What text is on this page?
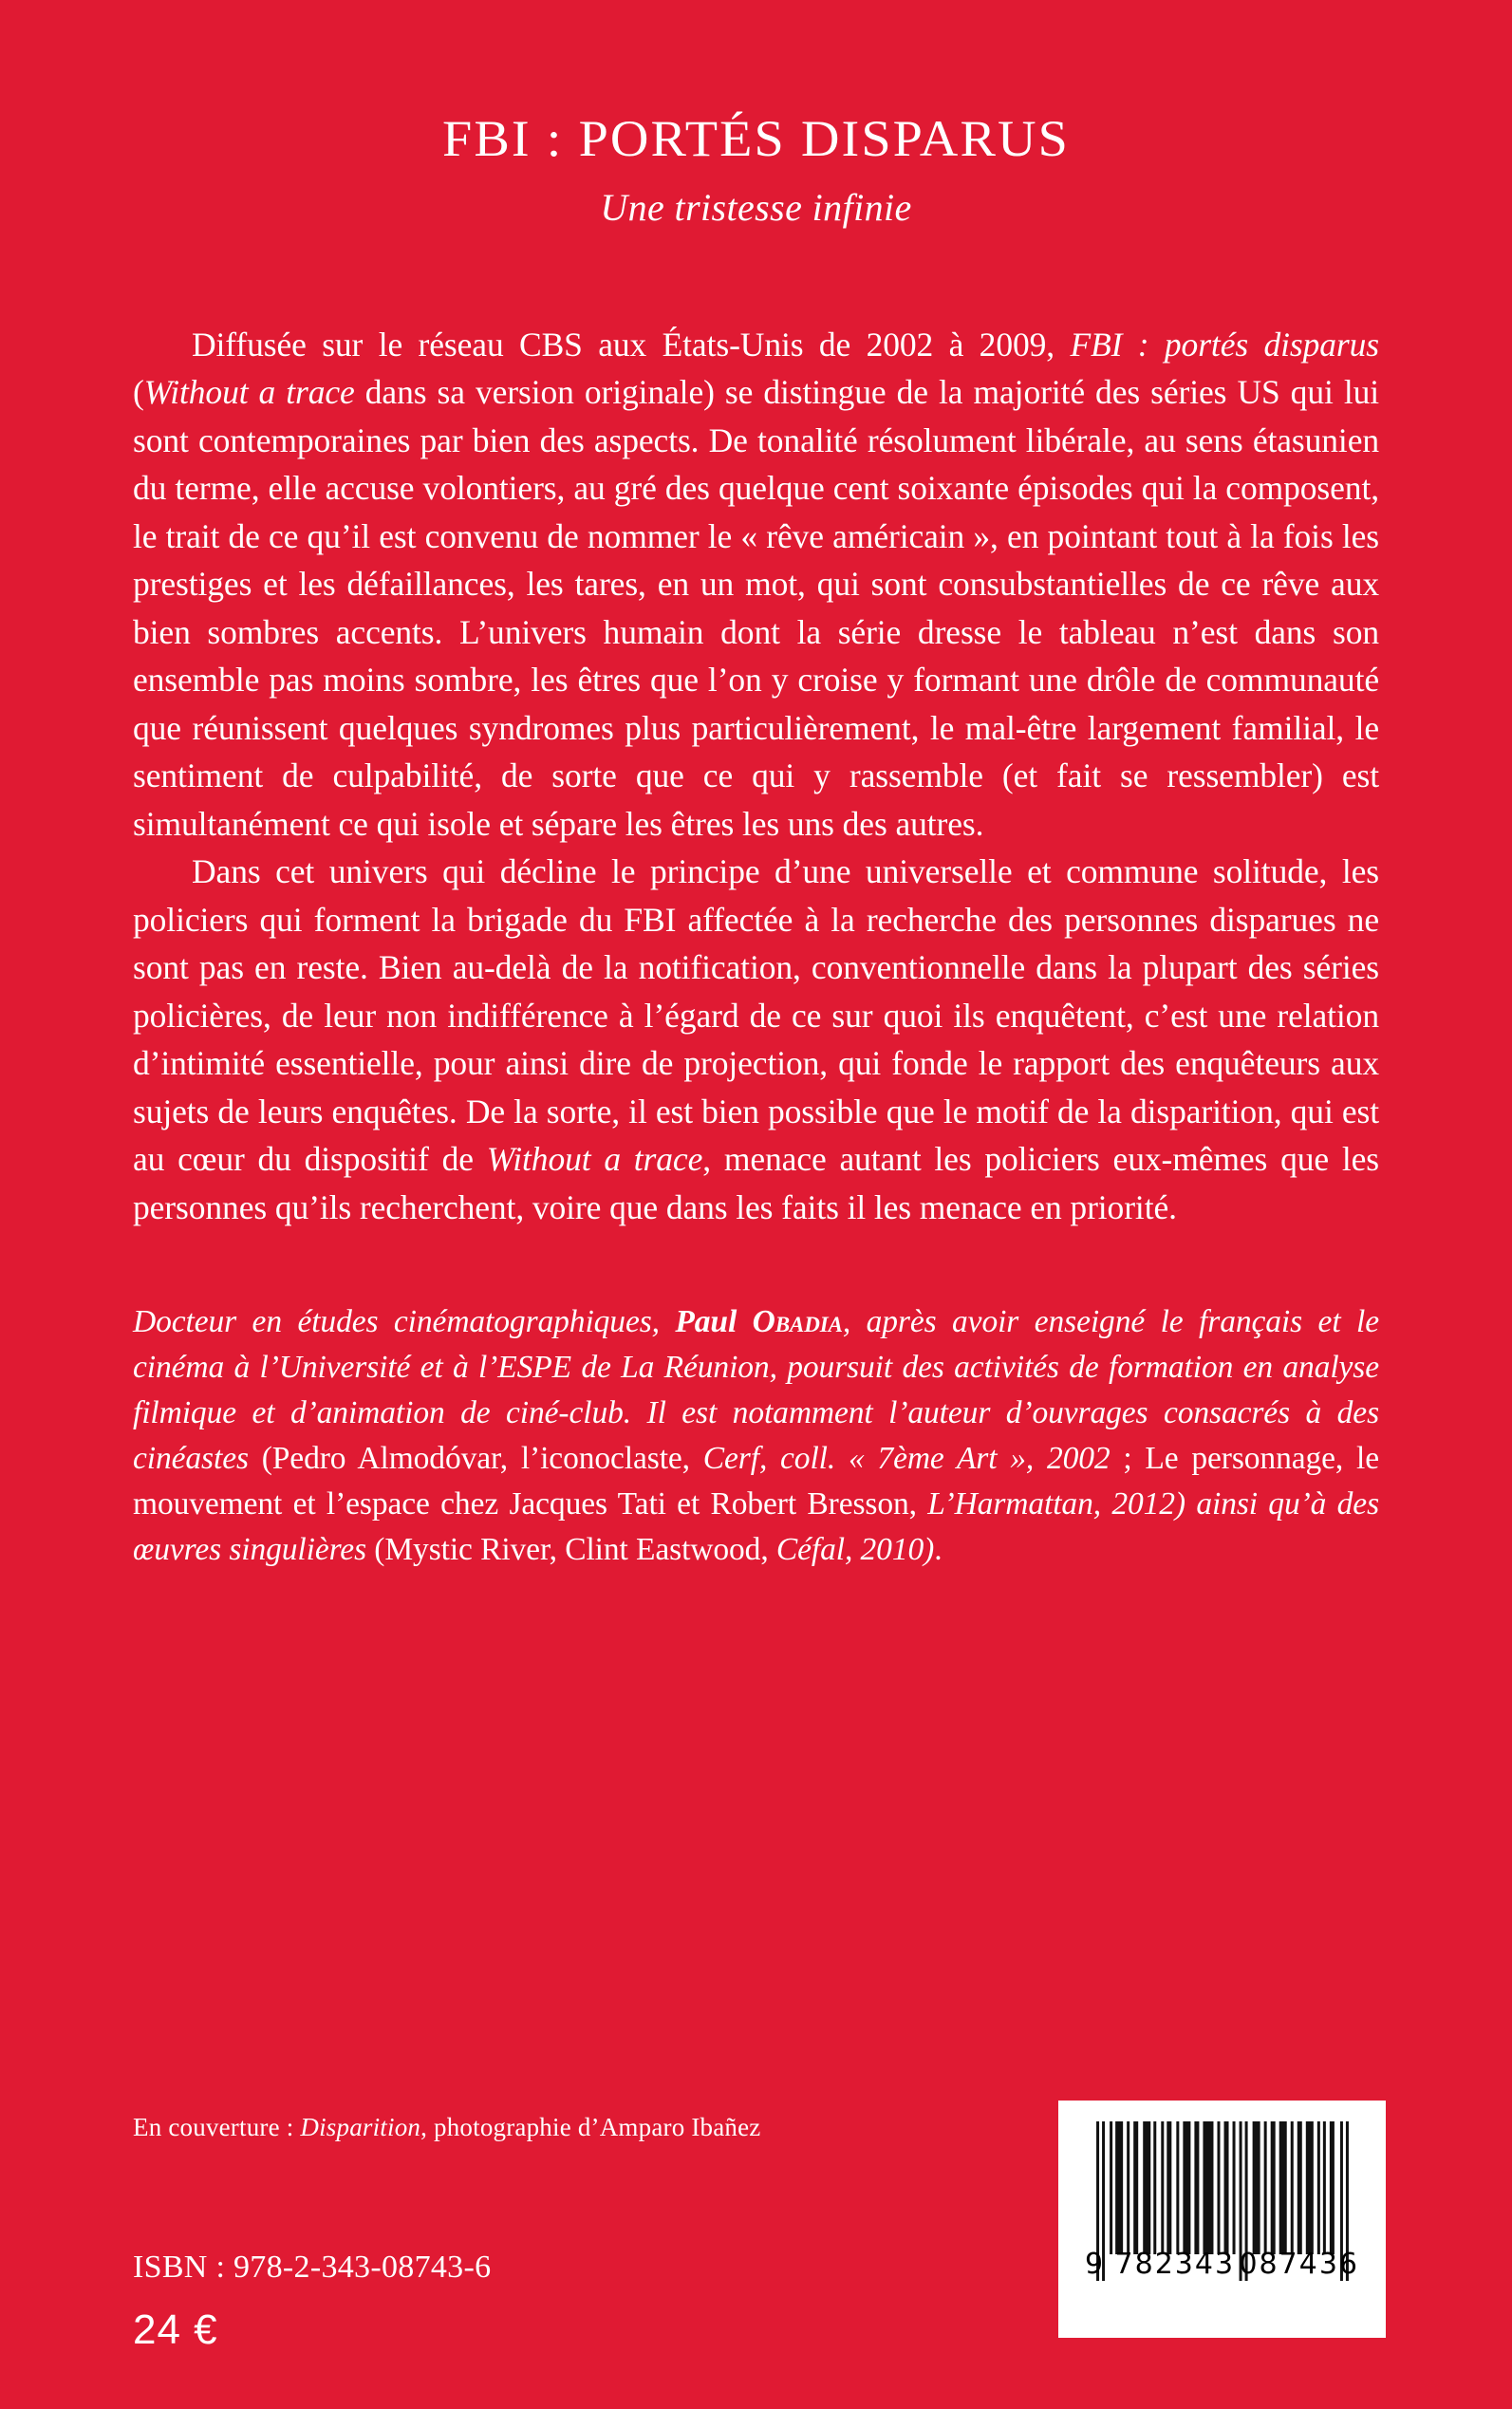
FBI : PORTÉS DISPARUS
Une tristesse infinie

Diffusée sur le réseau CBS aux États-Unis de 2002 à 2009, FBI : portés disparus (Without a trace dans sa version originale) se distingue de la majorité des séries US qui lui sont contemporaines par bien des aspects. De tonalité résolument libérale, au sens étasunien du terme, elle accuse volontiers, au gré des quelque cent soixante épisodes qui la composent, le trait de ce qu’il est convenu de nommer le « rêve américain », en pointant tout à la fois les prestiges et les défaillances, les tares, en un mot, qui sont consubstantielles de ce rêve aux bien sombres accents. L’univers humain dont la série dresse le tableau n’est dans son ensemble pas moins sombre, les êtres que l’on y croise y formant une drôle de communauté que réunissent quelques syndromes plus particulièrement, le mal-être largement familial, le sentiment de culpabilité, de sorte que ce qui y rassemble (et fait se ressembler) est simultanément ce qui isole et sépare les êtres les uns des autres.

Dans cet univers qui décline le principe d’une universelle et commune solitude, les policiers qui forment la brigade du FBI affectée à la recherche des personnes disparues ne sont pas en reste. Bien au-delà de la notification, conventionnelle dans la plupart des séries policières, de leur non indifférence à l’égard de ce sur quoi ils enquêtent, c’est une relation d’intimité essentielle, pour ainsi dire de projection, qui fonde le rapport des enquêteurs aux sujets de leurs enquêtes. De la sorte, il est bien possible que le motif de la disparition, qui est au cœur du dispositif de Without a trace, menace autant les policiers eux-mêmes que les personnes qu’ils recherchent, voire que dans les faits il les menace en priorité.

Docteur en études cinématographiques, Paul Obadia, après avoir enseigné le français et le cinéma à l’Université et à l’ESPE de La Réunion, poursuit des activités de formation en analyse filmique et d’animation de ciné-club. Il est notamment l’auteur d’ouvrages consacrés à des cinéastes (Pedro Almodóvar, l’iconoclaste, Cerf, coll. « 7ème Art », 2002 ; Le personnage, le mouvement et l’espace chez Jacques Tati et Robert Bresson, L’Harmattan, 2012) ainsi qu’à des œuvres singulières (Mystic River, Clint Eastwood, Céfal, 2010).

En couverture : Disparition, photographie d’Amparo Ibañez
ISBN : 978-2-343-08743-6
24 €
9 782343 087436
